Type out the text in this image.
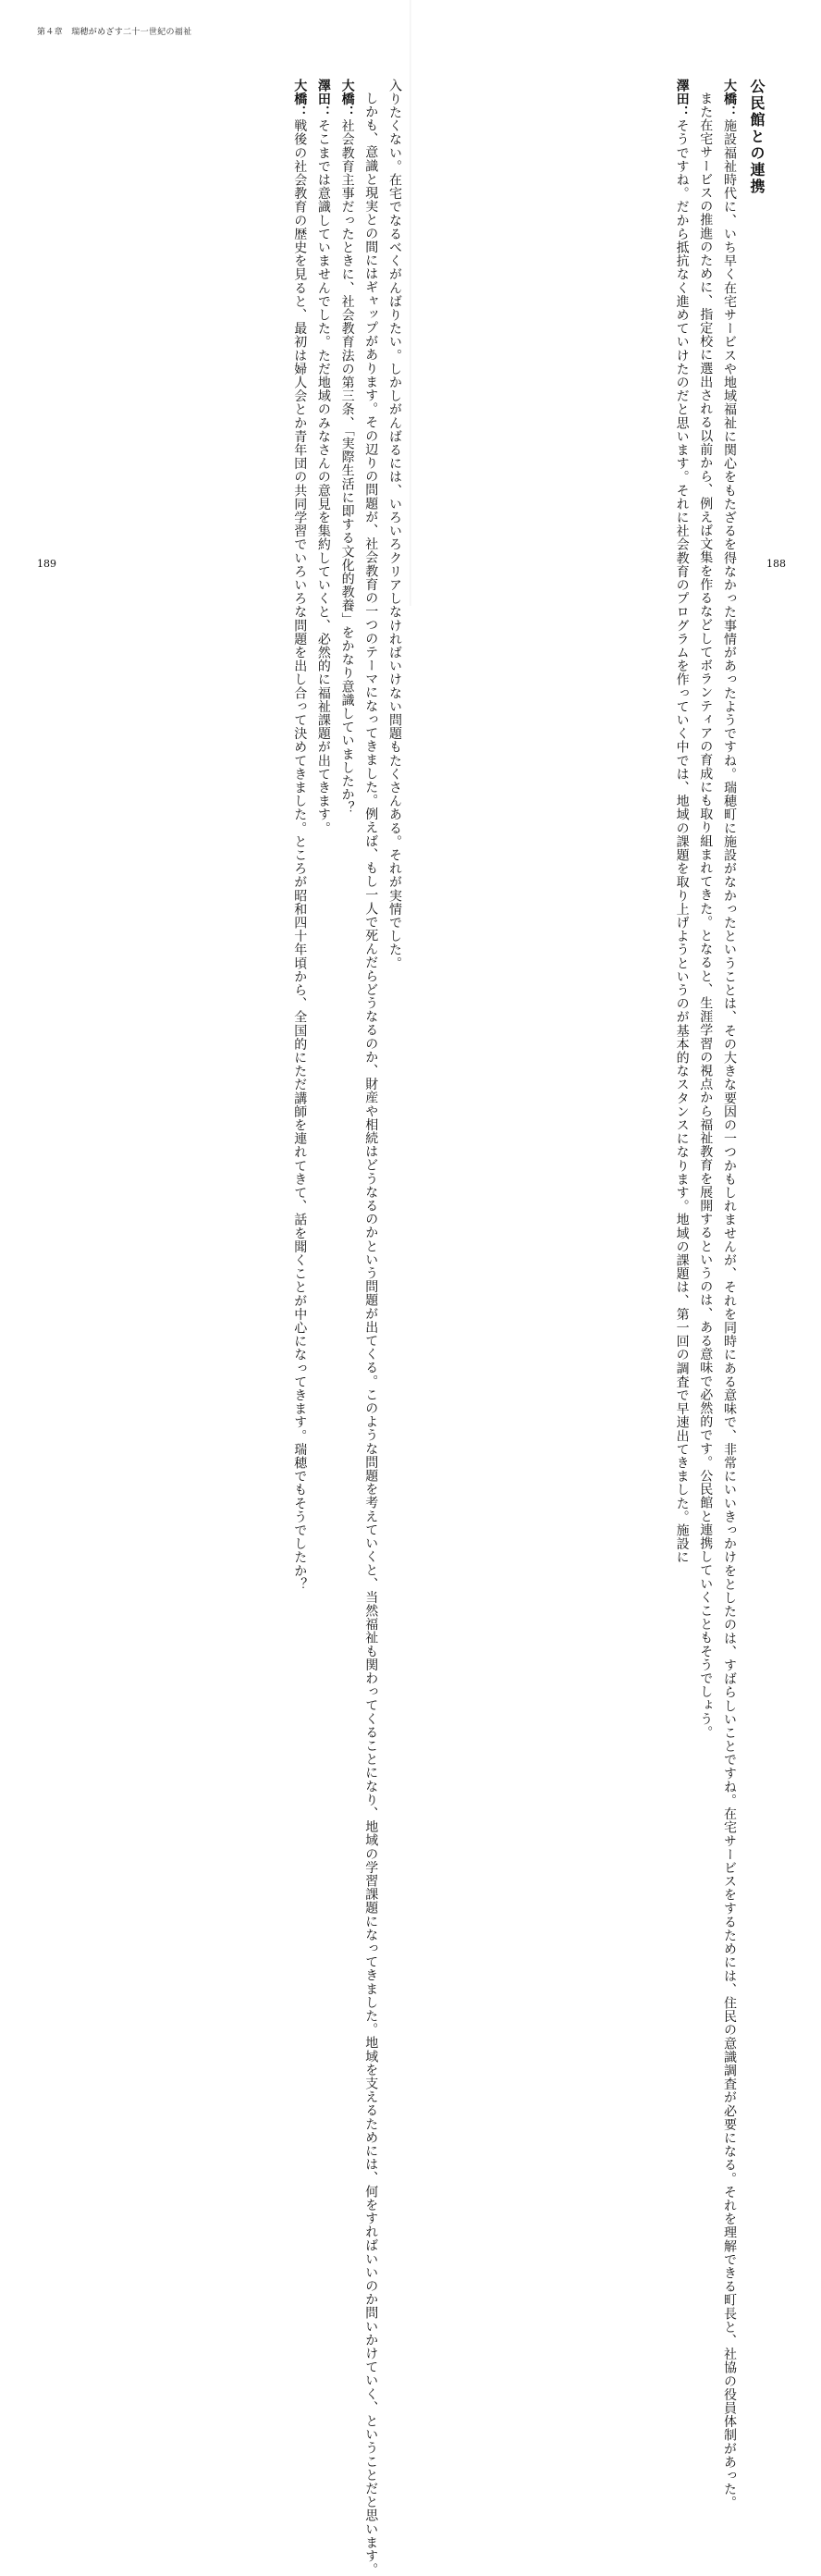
第４章　瑞穂がめざす二十一世紀の福祉
公民館との連携

大橋：施設福祉時代に、いち早く在宅サービスや地域福祉に関心をもたざるを得なかった事情があったようですね。瑞穂町に施設がなかったということは、その大きな要因の一つかもしれませんが、それを同時にある意味で、非常にいいきっかけをとしたのは、すばらしいことですね。在宅サービスをするためには、住民の意識調査が必要になる。それを理解できる町長と、社協の役員体制があった。

また在宅サービスの推進のために、指定校に選出される以前から、例えば文集を作るなどしてボランティアの育成にも取り組まれてきた。となると、生涯学習の視点から福祉教育を展開するというのは、ある意味で必然的です。公民館と連携していくこともそうでしょう。

澤田：そうですね。だから抵抗なく進めていけたのだと思います。それに社会教育のプログラムを作っていく中では、地域の課題を取り上げようというのが基本的なスタンスになります。地域の課題は、第一回の調査で早速出てきました。施設に

入りたくない。在宅でなるべくがんばりたい。しかしがんばるには、いろいろクリアしなければいけない問題もたくさんある。それが実情でした。

しかも、意識と現実との間にはギャップがあります。その辺りの問題が、社会教育の一つのテーマになってきました。例えば、もし一人で死んだらどうなるのか、財産や相続はどうなるのかという問題が出てくる。このような問題を考えていくと、当然福祉も関わってくることになり、地域の学習課題になってきました。地域を支えるためには、何をすればいいのか問いかけていく、ということだと思います。

大橋：社会教育主事だったときに、社会教育法の第三条、「実際生活に即する文化的教養」をかなり意識していましたか？

澤田：そこまでは意識していませんでした。ただ地域のみなさんの意見を集約していくと、必然的に福祉課題が出てきます。

大橋：戦後の社会教育の歴史を見ると、最初は婦人会とか青年団の共同学習でいろいろな問題を出し合って決めてきました。ところが昭和四十年頃から、全国的にただ講師を連れてきて、話を聞くことが中心になってきます。瑞穂でもそうでしたか？

189	188
